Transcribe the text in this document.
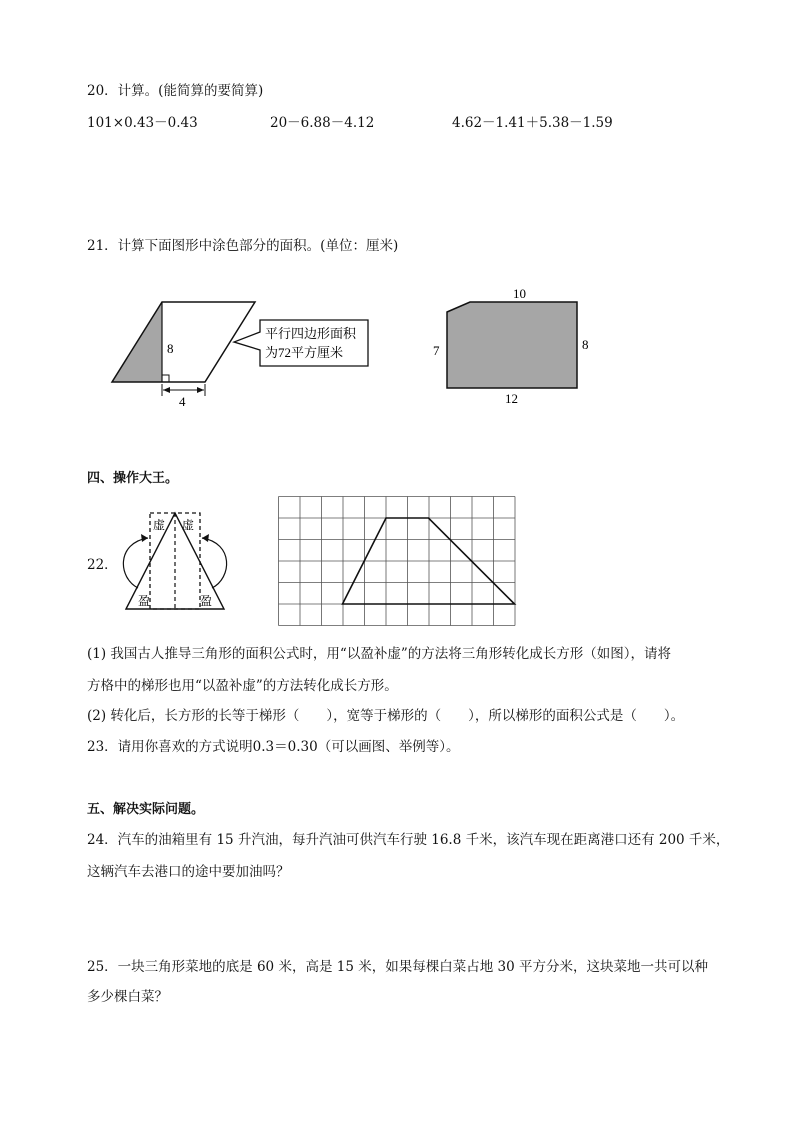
20．计算。(能简算的要简算)
101×0.43－0.43	20－6.88－4.12	4.62－1.41＋5.38－1.59
21．计算下面图形中涂色部分的面积。(单位：厘米)
8
4
平行四边形面积
为72平方厘米
10
7	8
12
四、操作大王。
22．
虚 虚
盈	盈
(1) 我国古人推导三角形的面积公式时，用“以盈补虚”的方法将三角形转化成长方形（如图），请将
方格中的梯形也用“以盈补虚”的方法转化成长方形。
(2) 转化后，长方形的长等于梯形（　　），宽等于梯形的（　　），所以梯形的面积公式是（　　）。
23．请用你喜欢的方式说明0.3＝0.30（可以画图、举例等）。
五、解决实际问题。
24．汽车的油箱里有 15 升汽油，每升汽油可供汽车行驶 16.8 千米，该汽车现在距离港口还有 200 千米，
这辆汽车去港口的途中要加油吗？
25．一块三角形菜地的底是 60 米，高是 15 米，如果每棵白菜占地 30 平方分米，这块菜地一共可以种
多少棵白菜？
